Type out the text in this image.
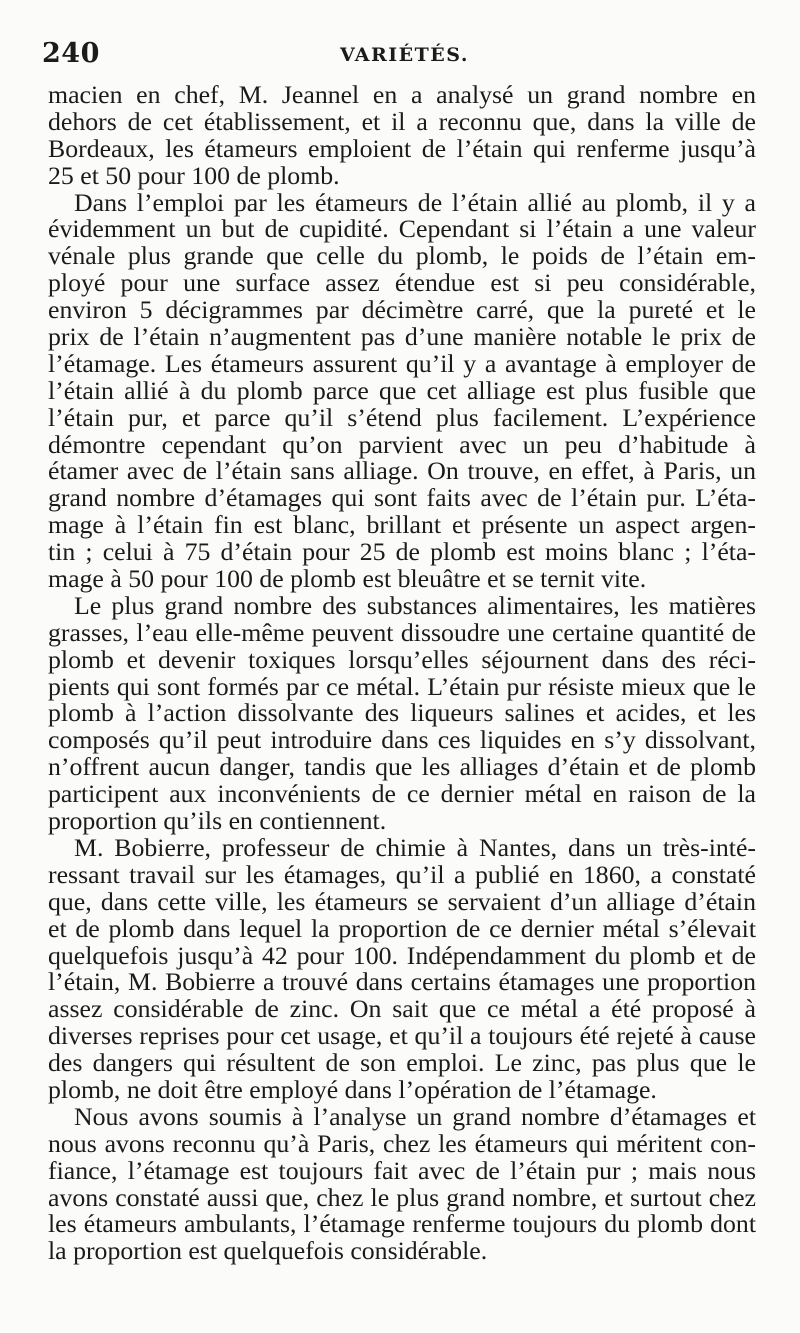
240	VARIÉTÉS.
macien en chef, M. Jeannel en a analysé un grand nombre en
dehors de cet établissement, et il a reconnu que, dans la ville de
Bordeaux, les étameurs emploient de l’étain qui renferme jusqu’à
25 et 50 pour 100 de plomb.
Dans l’emploi par les étameurs de l’étain allié au plomb, il y a
évidemment un but de cupidité. Cependant si l’étain a une valeur
vénale plus grande que celle du plomb, le poids de l’étain em-
ployé pour une surface assez étendue est si peu considérable,
environ 5 décigrammes par décimètre carré, que la pureté et le
prix de l’étain n’augmentent pas d’une manière notable le prix de
l’étamage. Les étameurs assurent qu’il y a avantage à employer de
l’étain allié à du plomb parce que cet alliage est plus fusible que
l’étain pur, et parce qu’il s’étend plus facilement. L’expérience
démontre cependant qu’on parvient avec un peu d’habitude à
étamer avec de l’étain sans alliage. On trouve, en effet, à Paris, un
grand nombre d’étamages qui sont faits avec de l’étain pur. L’éta-
mage à l’étain fin est blanc, brillant et présente un aspect argen-
tin ; celui à 75 d’étain pour 25 de plomb est moins blanc ; l’éta-
mage à 50 pour 100 de plomb est bleuâtre et se ternit vite.
Le plus grand nombre des substances alimentaires, les matières
grasses, l’eau elle-même peuvent dissoudre une certaine quantité de
plomb et devenir toxiques lorsqu’elles séjournent dans des réci-
pients qui sont formés par ce métal. L’étain pur résiste mieux que le
plomb à l’action dissolvante des liqueurs salines et acides, et les
composés qu’il peut introduire dans ces liquides en s’y dissolvant,
n’offrent aucun danger, tandis que les alliages d’étain et de plomb
participent aux inconvénients de ce dernier métal en raison de la
proportion qu’ils en contiennent.
M. Bobierre, professeur de chimie à Nantes, dans un très-inté-
ressant travail sur les étamages, qu’il a publié en 1860, a constaté
que, dans cette ville, les étameurs se servaient d’un alliage d’étain
et de plomb dans lequel la proportion de ce dernier métal s’élevait
quelquefois jusqu’à 42 pour 100. Indépendamment du plomb et de
l’étain, M. Bobierre a trouvé dans certains étamages une proportion
assez considérable de zinc. On sait que ce métal a été proposé à
diverses reprises pour cet usage, et qu’il a toujours été rejeté à cause
des dangers qui résultent de son emploi. Le zinc, pas plus que le
plomb, ne doit être employé dans l’opération de l’étamage.
Nous avons soumis à l’analyse un grand nombre d’étamages et
nous avons reconnu qu’à Paris, chez les étameurs qui méritent con-
fiance, l’étamage est toujours fait avec de l’étain pur ; mais nous
avons constaté aussi que, chez le plus grand nombre, et surtout chez
les étameurs ambulants, l’étamage renferme toujours du plomb dont
la proportion est quelquefois considérable.
